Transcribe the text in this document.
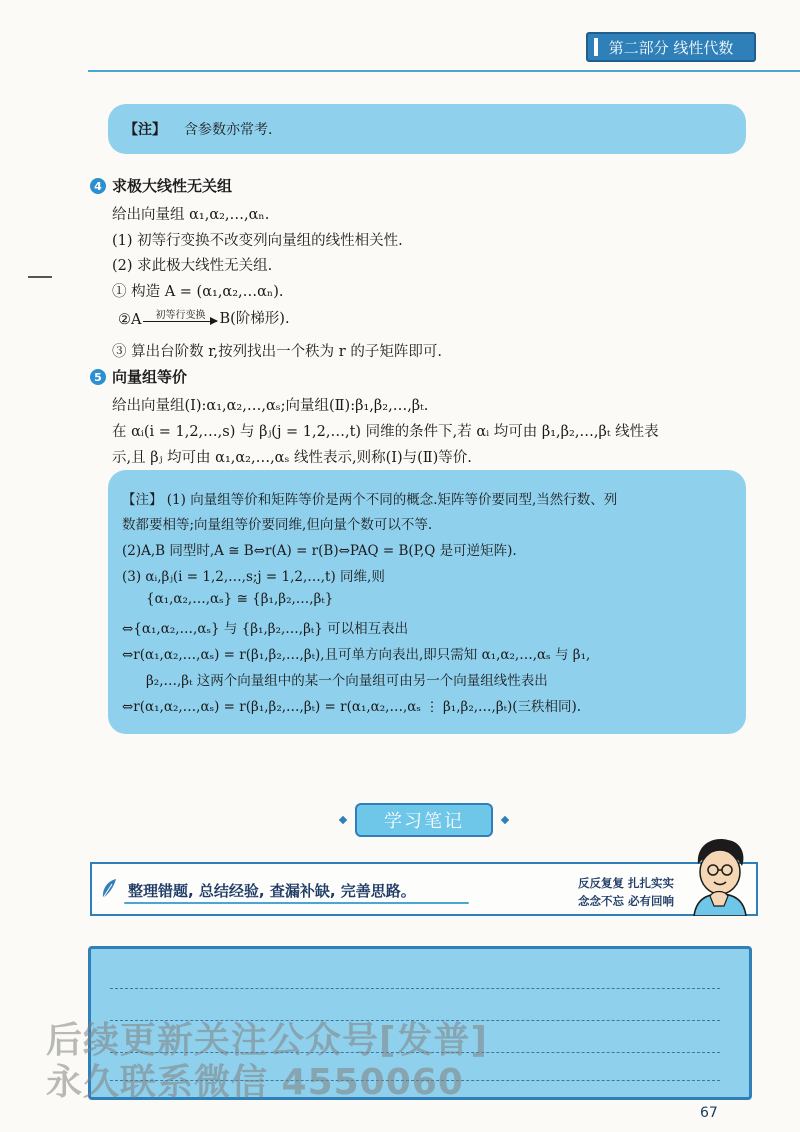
第二部分 线性代数
【注】 含参数亦常考.
4 求极大线性无关组
给出向量组 α₁,α₂,…,αₙ.
(1) 初等行变换不改变列向量组的线性相关性.
(2) 求此极大线性无关组.
① 构造 A = (α₁,α₂,…αₙ).
②A 初等行变换 B(阶梯形).
③ 算出台阶数 r,按列找出一个秩为 r 的子矩阵即可.
5 向量组等价
给出向量组(Ⅰ):α₁,α₂,…,αₛ;向量组(Ⅱ):β₁,β₂,…,βₜ.
在 αᵢ(i = 1,2,…,s) 与 βⱼ(j = 1,2,…,t) 同维的条件下,若 αᵢ 均可由 β₁,β₂,…,βₜ 线性表
示,且 βⱼ 均可由 α₁,α₂,…,αₛ 线性表示,则称(Ⅰ)与(Ⅱ)等价.
【注】 (1) 向量组等价和矩阵等价是两个不同的概念.矩阵等价要同型,当然行数、列
数都要相等;向量组等价要同维,但向量个数可以不等.
(2)A,B 同型时,A ≅ B⇔r(A) = r(B)⇔PAQ = B(P,Q 是可逆矩阵).
(3) αᵢ,βⱼ(i = 1,2,…,s;j = 1,2,…,t) 同维,则
{α₁,α₂,…,αₛ} ≅ {β₁,β₂,…,βₜ}
⇔{α₁,α₂,…,αₛ} 与 {β₁,β₂,…,βₜ} 可以相互表出
⇔r(α₁,α₂,…,αₛ) = r(β₁,β₂,…,βₜ),且可单方向表出,即只需知 α₁,α₂,…,αₛ 与 β₁,
β₂,…,βₜ 这两个向量组中的某一个向量组可由另一个向量组线性表出
⇔r(α₁,α₂,…,αₛ) = r(β₁,β₂,…,βₜ) = r(α₁,α₂,…,αₛ ⋮ β₁,β₂,…,βₜ)(三秩相同).
学习笔记
整理错题, 总结经验, 查漏补缺, 完善思路。	反反复复 扎扎实实
念念不忘 必有回响
后续更新关注公众号[发普]
永久联系微信 4550060
67
